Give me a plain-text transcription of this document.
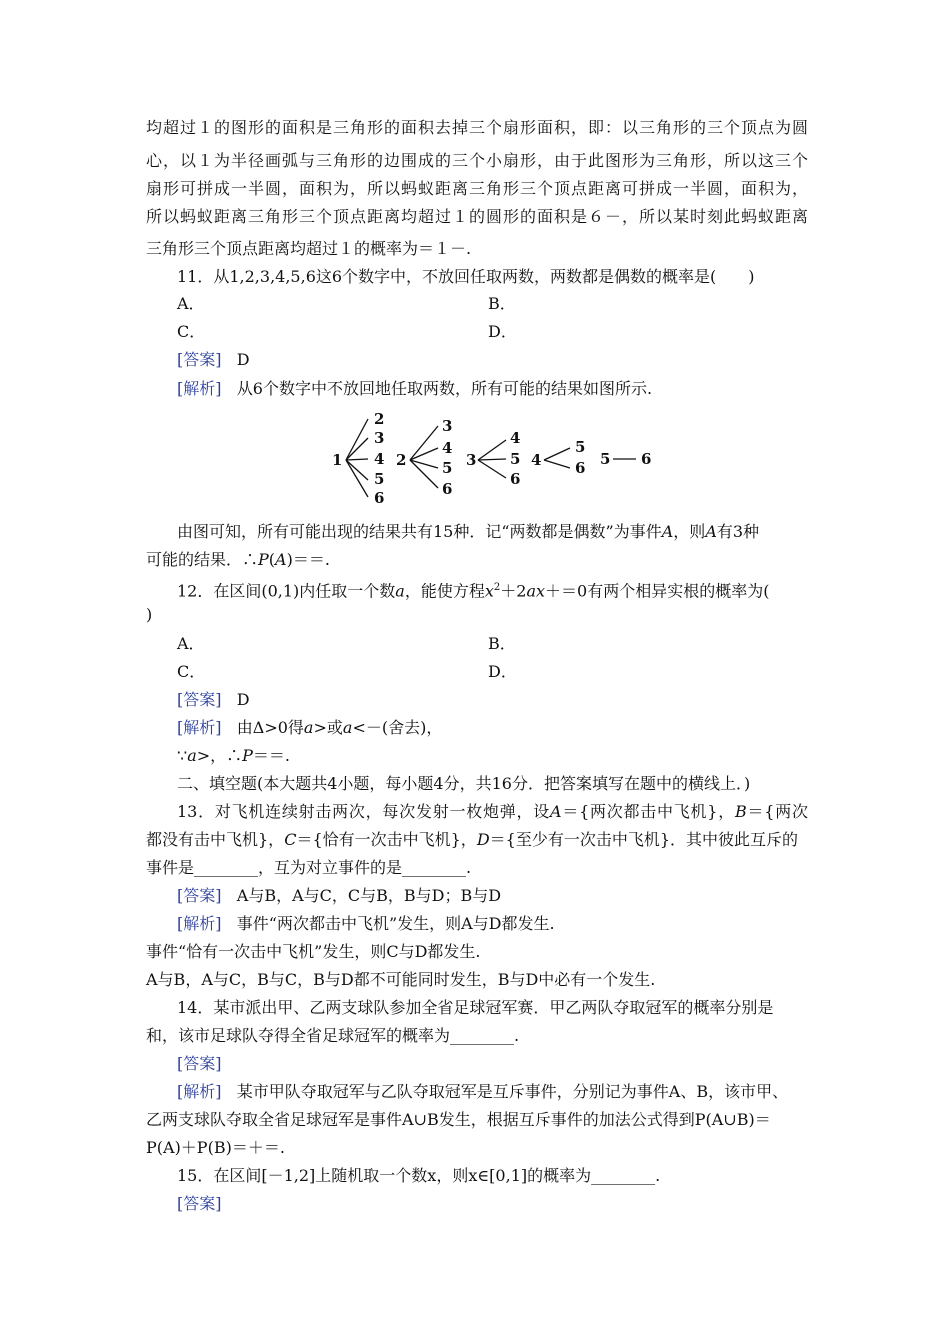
均超过１的图形的面积是三角形的面积去掉三个扇形面积，即：以三角形的三个顶点为圆
心，以１为半径画弧与三角形的边围成的三个小扇形，由于此图形为三角形，所以这三个
扇形可拼成一半圆，面积为，所以蚂蚁距离三角形三个顶点距离可拼成一半圆，面积为，
所以蚂蚁距离三角形三个顶点距离均超过１的圆形的面积是６－，所以某时刻此蚂蚁距离
三角形三个顶点距离均超过１的概率为＝１－.
11．从1,2,3,4,5,6这6个数字中，不放回任取两数，两数都是偶数的概率是(　　)
A．	B．
C．	D．
[答案] D
[解析] 从6个数字中不放回地任取两数，所有可能的结果如图所示.
1
2
3
4
5
6
2
3
4
5
6
3
4
5
6
4
5
6 5 6
由图可知，所有可能出现的结果共有15种．记“两数都是偶数”为事件A，则A有3种
可能的结果．∴P(A)＝＝.
12．在区间(0,1)内任取一个数a，能使方程$x^2+2ax+=0$有两个相异实根的概率为(
)
A．	B．
C．	D．
[答案] D
[解析] 由Δ>0得a>或a<－(舍去)，
∵a>，∴P＝＝.
二、填空题(本大题共4小题，每小题4分，共16分．把答案填写在题中的横线上．)
13．对飞机连续射击两次，每次发射一枚炮弹，设A＝{两次都击中飞机}，B＝{两次
都没有击中飞机}，C＝{恰有一次击中飞机}，D＝{至少有一次击中飞机}．其中彼此互斥的
事件是________，互为对立事件的是________.
[答案] A与B，A与C，C与B，B与D；B与D
[解析] 事件“两次都击中飞机”发生，则A与D都发生.
事件“恰有一次击中飞机”发生，则C与D都发生.
A与B，A与C，B与C，B与D都不可能同时发生，B与D中必有一个发生.
14．某市派出甲、乙两支球队参加全省足球冠军赛．甲乙两队夺取冠军的概率分别是
和，该市足球队夺得全省足球冠军的概率为________.
[答案]
[解析] 某市甲队夺取冠军与乙队夺取冠军是互斥事件，分别记为事件A、B，该市甲、
乙两支球队夺取全省足球冠军是事件A∪B发生，根据互斥事件的加法公式得到P(A∪B)＝
P(A)＋P(B)＝＋＝.
15．在区间[－1,2]上随机取一个数x，则x∈[0,1]的概率为________.
[答案]
